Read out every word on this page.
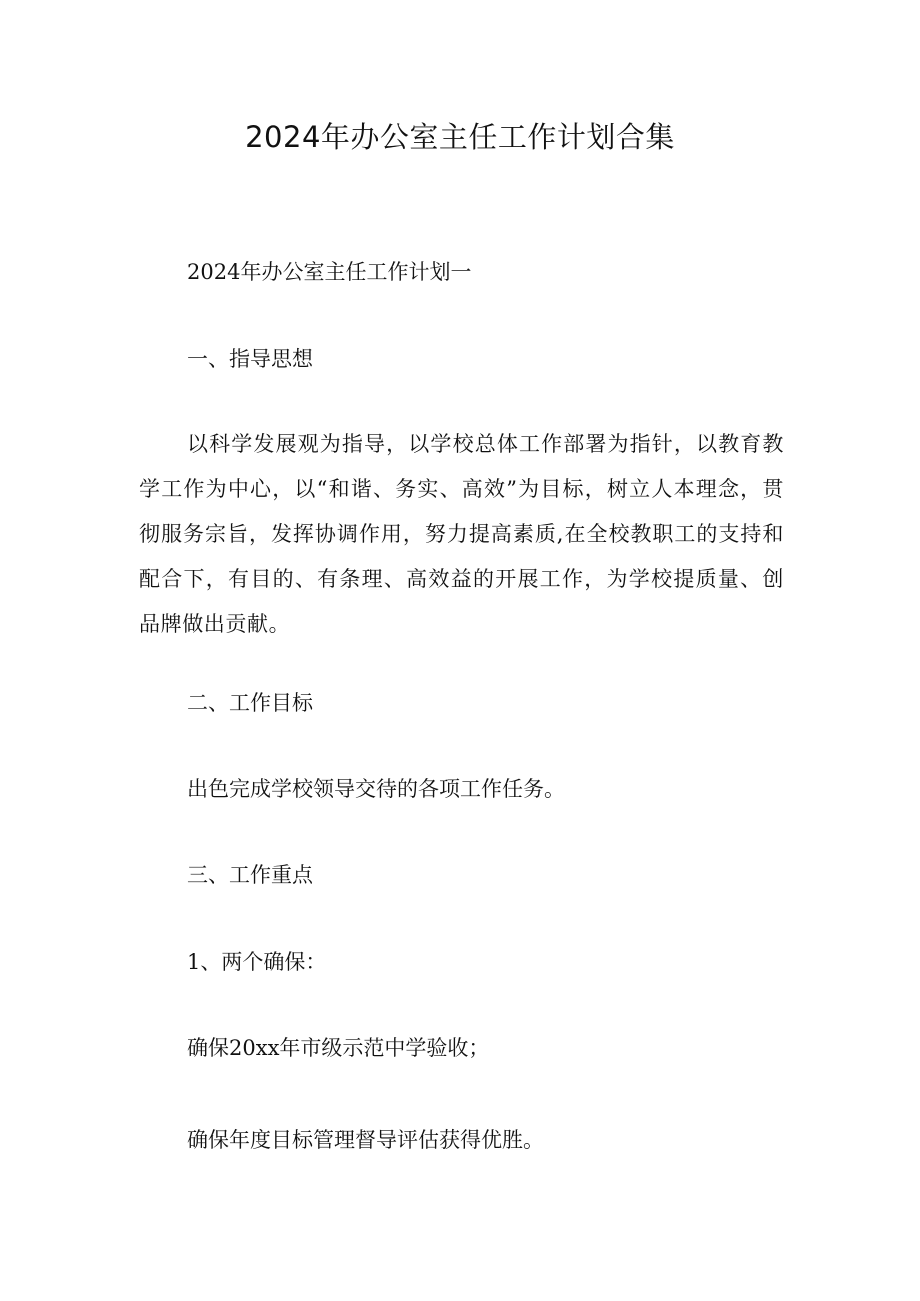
2024年办公室主任工作计划合集

2024年办公室主任工作计划一

一、指导思想

以科学发展观为指导，以学校总体工作部署为指针，以教育教学工作为中心，以“和谐、务实、高效”为目标，树立人本理念，贯彻服务宗旨，发挥协调作用，努力提高素质,在全校教职工的支持和配合下，有目的、有条理、高效益的开展工作，为学校提质量、创品牌做出贡献。

二、工作目标

出色完成学校领导交待的各项工作任务。

三、工作重点

1、两个确保：

确保20xx年市级示范中学验收；

确保年度目标管理督导评估获得优胜。
